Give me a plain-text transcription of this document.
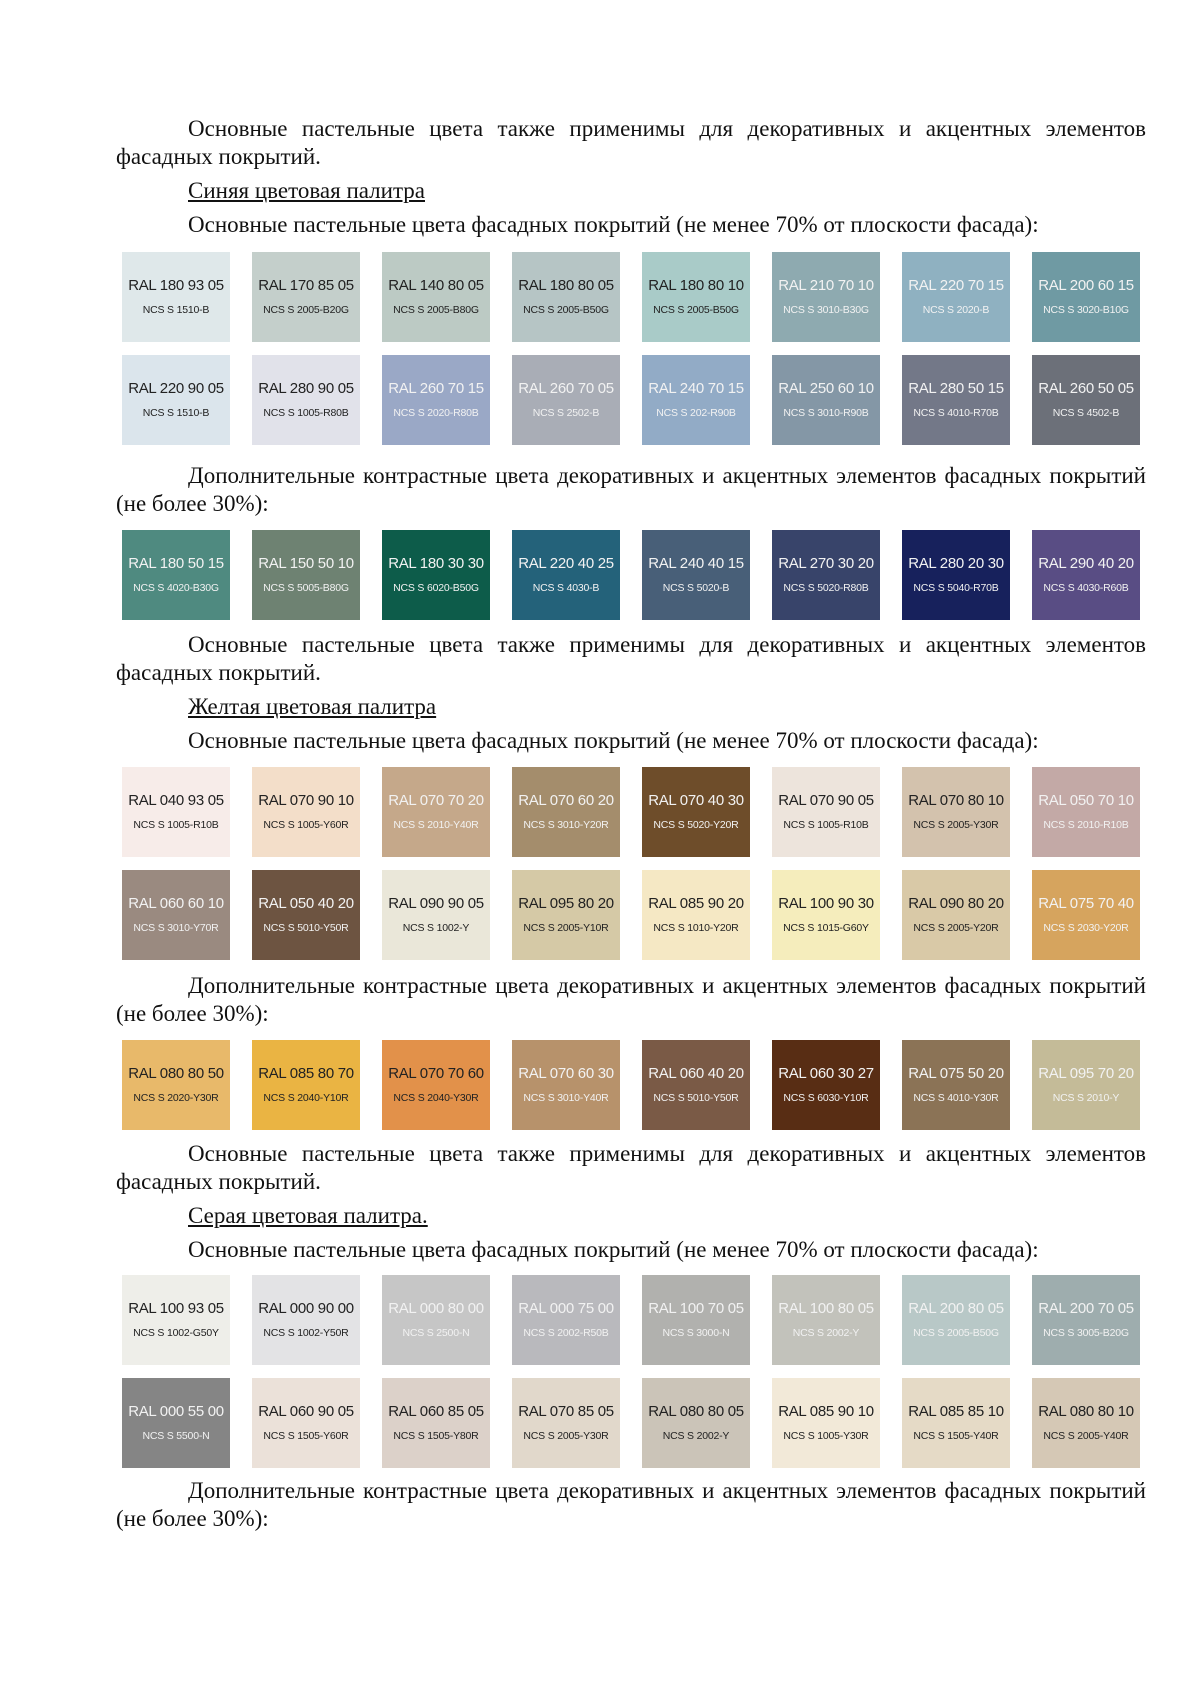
Основные пастельные цвета также применимы для декоративных и акцентных элементов фасадных покрытий.

Синяя цветовая палитра

Основные пастельные цвета фасадных покрытий (не менее 70% от плоскости фасада):

RAL 180 93 05
NCS S 1510-B
RAL 170 85 05
NCS S 2005-B20G
RAL 140 80 05
NCS S 2005-B80G
RAL 180 80 05
NCS S 2005-B50G
RAL 180 80 10
NCS S 2005-B50G
RAL 210 70 10
NCS S 3010-B30G
RAL 220 70 15
NCS S 2020-B
RAL 200 60 15
NCS S 3020-B10G
RAL 220 90 05
NCS S 1510-B
RAL 280 90 05
NCS S 1005-R80B
RAL 260 70 15
NCS S 2020-R80B
RAL 260 70 05
NCS S 2502-B
RAL 240 70 15
NCS S 202-R90B
RAL 250 60 10
NCS S 3010-R90B
RAL 280 50 15
NCS S 4010-R70B
RAL 260 50 05
NCS S 4502-B

Дополнительные контрастные цвета декоративных и акцентных элементов фасадных покрытий (не более 30%):

RAL 180 50 15
NCS S 4020-B30G
RAL 150 50 10
NCS S 5005-B80G
RAL 180 30 30
NCS S 6020-B50G
RAL 220 40 25
NCS S 4030-B
RAL 240 40 15
NCS S 5020-B
RAL 270 30 20
NCS S 5020-R80B
RAL 280 20 30
NCS S 5040-R70B
RAL 290 40 20
NCS S 4030-R60B

Основные пастельные цвета также применимы для декоративных и акцентных элементов фасадных покрытий.

Желтая цветовая палитра

Основные пастельные цвета фасадных покрытий (не менее 70% от плоскости фасада):

RAL 040 93 05
NCS S 1005-R10B
RAL 070 90 10
NCS S 1005-Y60R
RAL 070 70 20
NCS S 2010-Y40R
RAL 070 60 20
NCS S 3010-Y20R
RAL 070 40 30
NCS S 5020-Y20R
RAL 070 90 05
NCS S 1005-R10B
RAL 070 80 10
NCS S 2005-Y30R
RAL 050 70 10
NCS S 2010-R10B
RAL 060 60 10
NCS S 3010-Y70R
RAL 050 40 20
NCS S 5010-Y50R
RAL 090 90 05
NCS S 1002-Y
RAL 095 80 20
NCS S 2005-Y10R
RAL 085 90 20
NCS S 1010-Y20R
RAL 100 90 30
NCS S 1015-G60Y
RAL 090 80 20
NCS S 2005-Y20R
RAL 075 70 40
NCS S 2030-Y20R

Дополнительные контрастные цвета декоративных и акцентных элементов фасадных покрытий (не более 30%):

RAL 080 80 50
NCS S 2020-Y30R
RAL 085 80 70
NCS S 2040-Y10R
RAL 070 70 60
NCS S 2040-Y30R
RAL 070 60 30
NCS S 3010-Y40R
RAL 060 40 20
NCS S 5010-Y50R
RAL 060 30 27
NCS S 6030-Y10R
RAL 075 50 20
NCS S 4010-Y30R
RAL 095 70 20
NCS S 2010-Y

Основные пастельные цвета также применимы для декоративных и акцентных элементов фасадных покрытий.

Серая цветовая палитра.

Основные пастельные цвета фасадных покрытий (не менее 70% от плоскости фасада):

RAL 100 93 05
NCS S 1002-G50Y
RAL 000 90 00
NCS S 1002-Y50R
RAL 000 80 00
NCS S 2500-N
RAL 000 75 00
NCS S 2002-R50B
RAL 100 70 05
NCS S 3000-N
RAL 100 80 05
NCS S 2002-Y
RAL 200 80 05
NCS S 2005-B50G
RAL 200 70 05
NCS S 3005-B20G
RAL 000 55 00
NCS S 5500-N
RAL 060 90 05
NCS S 1505-Y60R
RAL 060 85 05
NCS S 1505-Y80R
RAL 070 85 05
NCS S 2005-Y30R
RAL 080 80 05
NCS S 2002-Y
RAL 085 90 10
NCS S 1005-Y30R
RAL 085 85 10
NCS S 1505-Y40R
RAL 080 80 10
NCS S 2005-Y40R

Дополнительные контрастные цвета декоративных и акцентных элементов фасадных покрытий (не более 30%):
